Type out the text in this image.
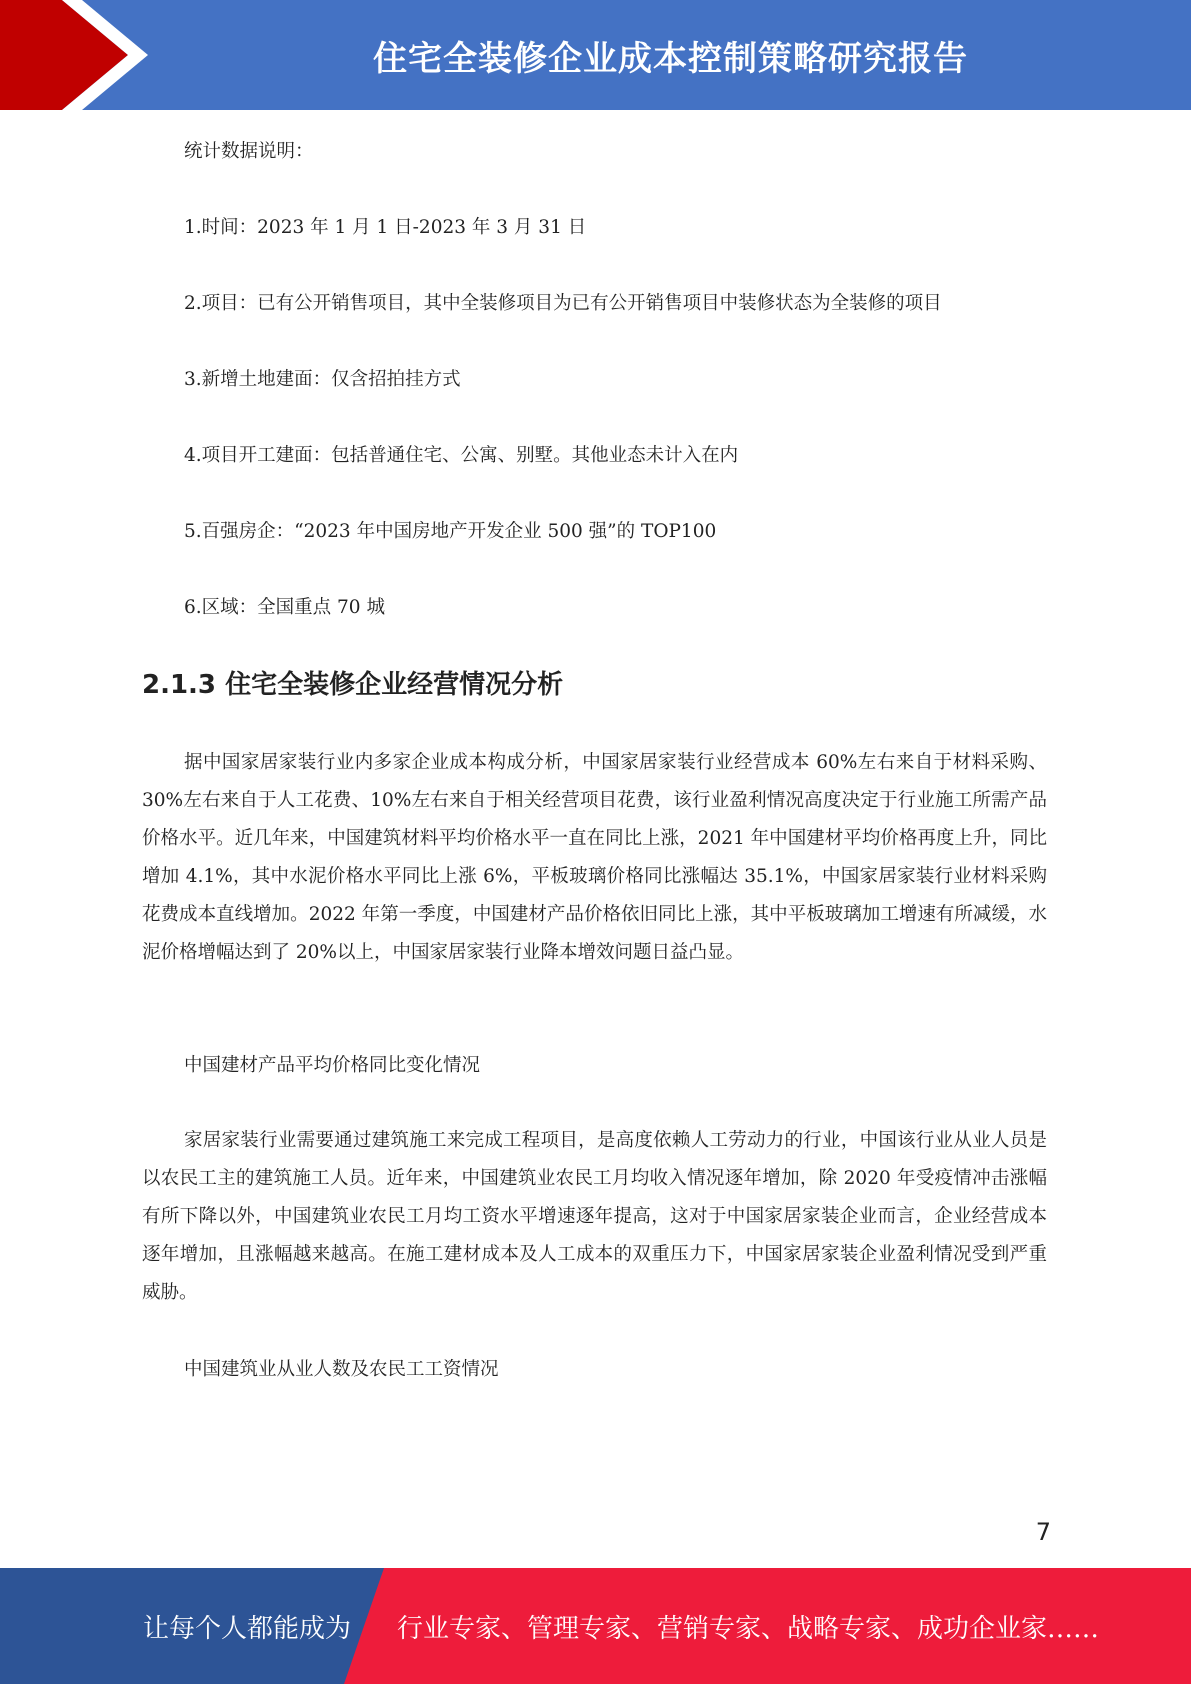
住宅全装修企业成本控制策略研究报告
统计数据说明：
1.时间：2023 年 1 月 1 日-2023 年 3 月 31 日
2.项目：已有公开销售项目，其中全装修项目为已有公开销售项目中装修状态为全装修的项目
3.新增土地建面：仅含招拍挂方式
4.项目开工建面：包括普通住宅、公寓、别墅。其他业态未计入在内
5.百强房企：“2023 年中国房地产开发企业 500 强”的 TOP100
6.区域：全国重点 70 城
2.1.3 住宅全装修企业经营情况分析
据中国家居家装行业内多家企业成本构成分析，中国家居家装行业经营成本 60%左右来自于材料采购、30%左右来自于人工花费、10%左右来自于相关经营项目花费，该行业盈利情况高度决定于行业施工所需产品价格水平。近几年来，中国建筑材料平均价格水平一直在同比上涨，2021 年中国建材平均价格再度上升，同比增加 4.1%，其中水泥价格水平同比上涨 6%，平板玻璃价格同比涨幅达 35.1%，中国家居家装行业材料采购花费成本直线增加。2022 年第一季度，中国建材产品价格依旧同比上涨，其中平板玻璃加工增速有所减缓，水泥价格增幅达到了 20%以上，中国家居家装行业降本增效问题日益凸显。
中国建材产品平均价格同比变化情况
家居家装行业需要通过建筑施工来完成工程项目，是高度依赖人工劳动力的行业，中国该行业从业人员是以农民工主的建筑施工人员。近年来，中国建筑业农民工月均收入情况逐年增加，除 2020 年受疫情冲击涨幅有所下降以外，中国建筑业农民工月均工资水平增速逐年提高，这对于中国家居家装企业而言，企业经营成本逐年增加，且涨幅越来越高。在施工建材成本及人工成本的双重压力下，中国家居家装企业盈利情况受到严重威胁。
中国建筑业从业人数及农民工工资情况
7
让每个人都能成为 行业专家、管理专家、营销专家、战略专家、成功企业家……
